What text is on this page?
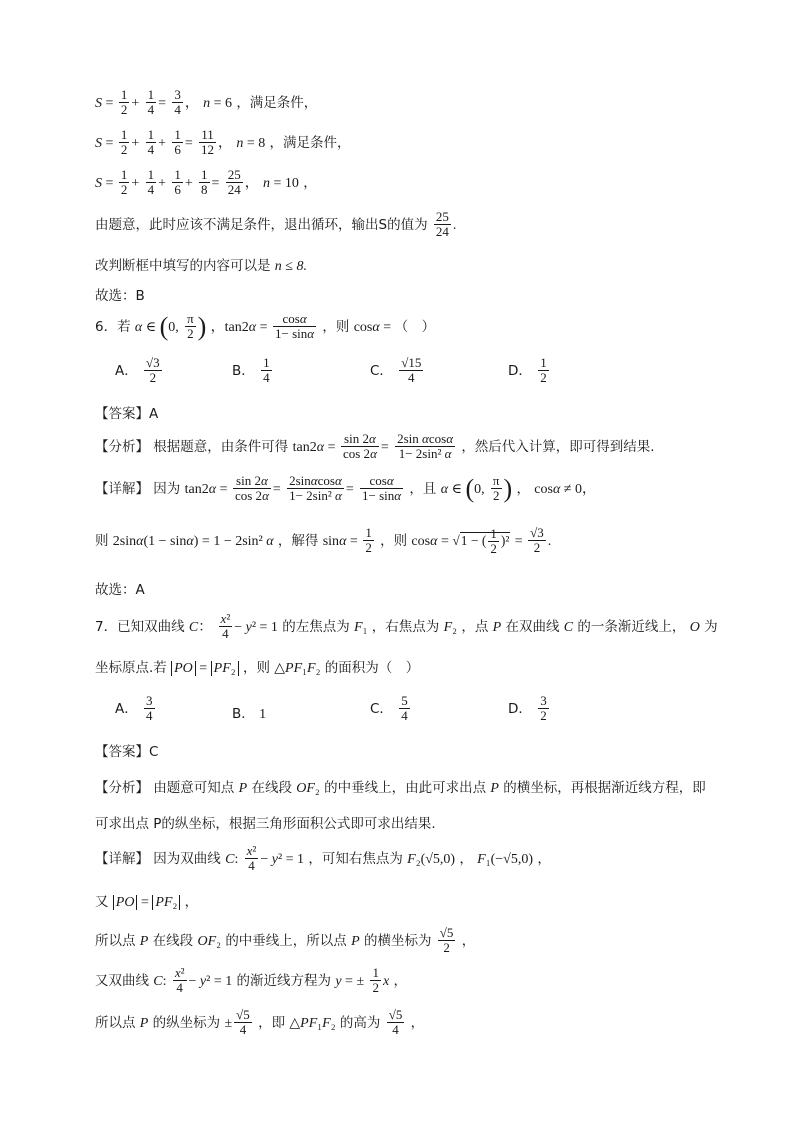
$S = \frac{1}{2} + \frac{1}{4} = \frac{3}{4}$ ， n = 6 ，满足条件，
$S = \frac{1}{2} + \frac{1}{4} + \frac{1}{6} = \frac{11}{12}$ ， n = 8 ，满足条件，
$S = \frac{1}{2} + \frac{1}{4} + \frac{1}{6} + \frac{1}{8} = \frac{25}{24}$ ， n = 10 ，
由题意，此时应该不满足条件，退出循环，输出S的值为 $\frac{25}{24}$ .
改判断框中填写的内容可以是 n ≤ 8.
故选：B
6．若 α ∈ (0, $\frac{\pi}{2}$ ) ，$\tan 2\alpha = \frac{\cos\alpha}{1- \sin\alpha}$ ，则 cosα = （　）
A． $\frac{√3}{2}$	B． $\frac{1}{4}$	C． $\frac{√15}{4}$	D． $\frac{1}{2}$
【答案】A
【分析】 根据题意，由条件可得 $\tan 2\alpha = \frac{\sin 2\alpha}{\cos 2\alpha} = \frac{\text{2sin αcosα}}{\text{1− 2sin² α}}$ ，然后代入计算，即可得到结果.
【详解】 因为 $\tan 2\alpha = \frac{\sin 2\alpha}{\cos 2\alpha} = \frac{2\sin\alpha\cos\alpha}{\text{1− 2sin² α}} = \frac{\cos\alpha}{1- \sin\alpha}$ ，且 α ∈ (0, $\frac{\pi}{2}$ ) ， cosα ≠ 0，
则 2sinα(1 − sinα) = 1 − 2sin² α ，解得 $\sin\alpha = \frac{1}{2}$ ，则 cosα = √1 − ( $\frac{1}{2} )^2 = \frac{√3}{2}$ .
故选：A
7．已知双曲线 C： $\frac{\text{x²}}{4} - y^2 = 1$ 的左焦点为 F₁ ，右焦点为 F₂ ，点 P 在双曲线 C 的一条渐近线上， O 为
坐标原点.若 PO = PF₂ ，则 △PF₁F₂ 的面积为（　）
A． $\frac{3}{4}$	B． 1	C． $\frac{5}{4}$	D． $\frac{3}{2}$
【答案】C
【分析】 由题意可知点 P 在线段 OF₂ 的中垂线上，由此可求出点 P 的横坐标，再根据渐近线方程，即
可求出点 P的纵坐标，根据三角形面积公式即可求出结果.
【详解】 因为双曲线 C: $\frac{\text{x²}}{4} - y^2 = 1$ ，可知右焦点为 F₂(√5,0) ， F₁(−√5,0) ，
又 PO = PF₂ ，
所以点 P 在线段 OF₂ 的中垂线上，所以点 P 的横坐标为 $\frac{√5}{2}$ ，
又双曲线 C: $\frac{\text{x²}}{4} - y^2 = 1$ 的渐近线方程为 y = ± $\frac{1}{2}$ x ，
所以点 P 的纵坐标为 ± $\frac{√5}{4}$ ，即 △PF₁F₂ 的高为 $\frac{√5}{4}$ ，
